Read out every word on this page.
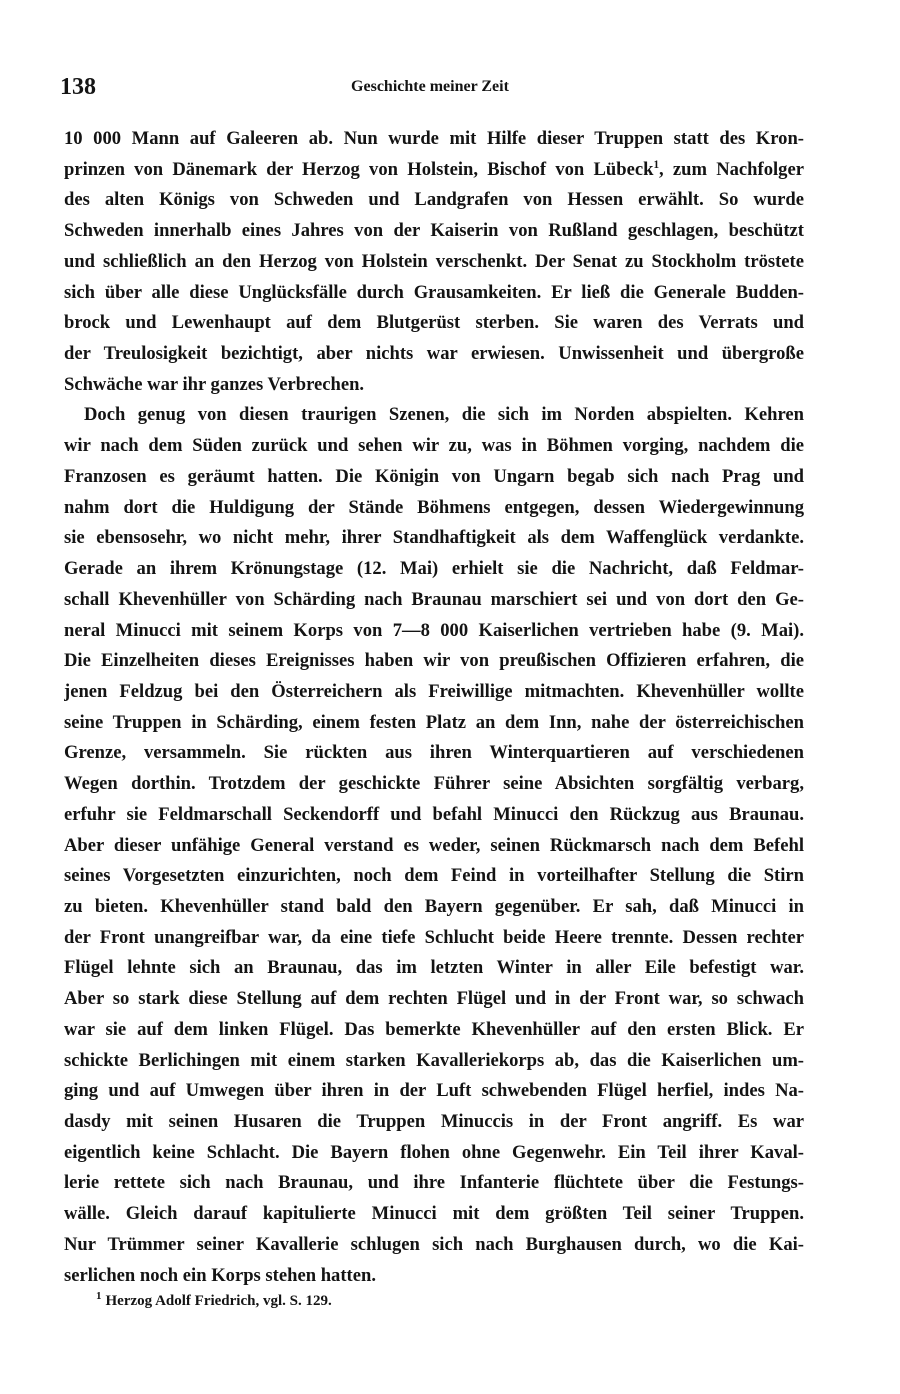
138	Geschichte meiner Zeit
10 000 Mann auf Galeeren ab. Nun wurde mit Hilfe dieser Truppen statt des Kron-
prinzen von Dänemark der Herzog von Holstein, Bischof von Lübeck$^1$, zum Nachfolger
des alten Königs von Schweden und Landgrafen von Hessen erwählt. So wurde
Schweden innerhalb eines Jahres von der Kaiserin von Rußland geschlagen, beschützt
und schließlich an den Herzog von Holstein verschenkt. Der Senat zu Stockholm tröstete
sich über alle diese Unglücksfälle durch Grausamkeiten. Er ließ die Generale Budden-
brock und Lewenhaupt auf dem Blutgerüst sterben. Sie waren des Verrats und
der Treulosigkeit bezichtigt, aber nichts war erwiesen. Unwissenheit und übergroße
Schwäche war ihr ganzes Verbrechen.
Doch genug von diesen traurigen Szenen, die sich im Norden abspielten. Kehren
wir nach dem Süden zurück und sehen wir zu, was in Böhmen vorging, nachdem die
Franzosen es geräumt hatten. Die Königin von Ungarn begab sich nach Prag und
nahm dort die Huldigung der Stände Böhmens entgegen, dessen Wiedergewinnung
sie ebensosehr, wo nicht mehr, ihrer Standhaftigkeit als dem Waffenglück verdankte.
Gerade an ihrem Krönungstage (12. Mai) erhielt sie die Nachricht, daß Feldmar-
schall Khevenhüller von Schärding nach Braunau marschiert sei und von dort den Ge-
neral Minucci mit seinem Korps von 7—8 000 Kaiserlichen vertrieben habe (9. Mai).
Die Einzelheiten dieses Ereignisses haben wir von preußischen Offizieren erfahren, die
jenen Feldzug bei den Österreichern als Freiwillige mitmachten. Khevenhüller wollte
seine Truppen in Schärding, einem festen Platz an dem Inn, nahe der österreichischen
Grenze, versammeln. Sie rückten aus ihren Winterquartieren auf verschiedenen
Wegen dorthin. Trotzdem der geschickte Führer seine Absichten sorgfältig verbarg,
erfuhr sie Feldmarschall Seckendorff und befahl Minucci den Rückzug aus Braunau.
Aber dieser unfähige General verstand es weder, seinen Rückmarsch nach dem Befehl
seines Vorgesetzten einzurichten, noch dem Feind in vorteilhafter Stellung die Stirn
zu bieten. Khevenhüller stand bald den Bayern gegenüber. Er sah, daß Minucci in
der Front unangreifbar war, da eine tiefe Schlucht beide Heere trennte. Dessen rechter
Flügel lehnte sich an Braunau, das im letzten Winter in aller Eile befestigt war.
Aber so stark diese Stellung auf dem rechten Flügel und in der Front war, so schwach
war sie auf dem linken Flügel. Das bemerkte Khevenhüller auf den ersten Blick. Er
schickte Berlichingen mit einem starken Kavalleriekorps ab, das die Kaiserlichen um-
ging und auf Umwegen über ihren in der Luft schwebenden Flügel herfiel, indes Na-
dasdy mit seinen Husaren die Truppen Minuccis in der Front angriff. Es war
eigentlich keine Schlacht. Die Bayern flohen ohne Gegenwehr. Ein Teil ihrer Kaval-
lerie rettete sich nach Braunau, und ihre Infanterie flüchtete über die Festungs-
wälle. Gleich darauf kapitulierte Minucci mit dem größten Teil seiner Truppen.
Nur Trümmer seiner Kavallerie schlugen sich nach Burghausen durch, wo die Kai-
serlichen noch ein Korps stehen hatten.
$^1$ Herzog Adolf Friedrich, vgl. S. 129.
